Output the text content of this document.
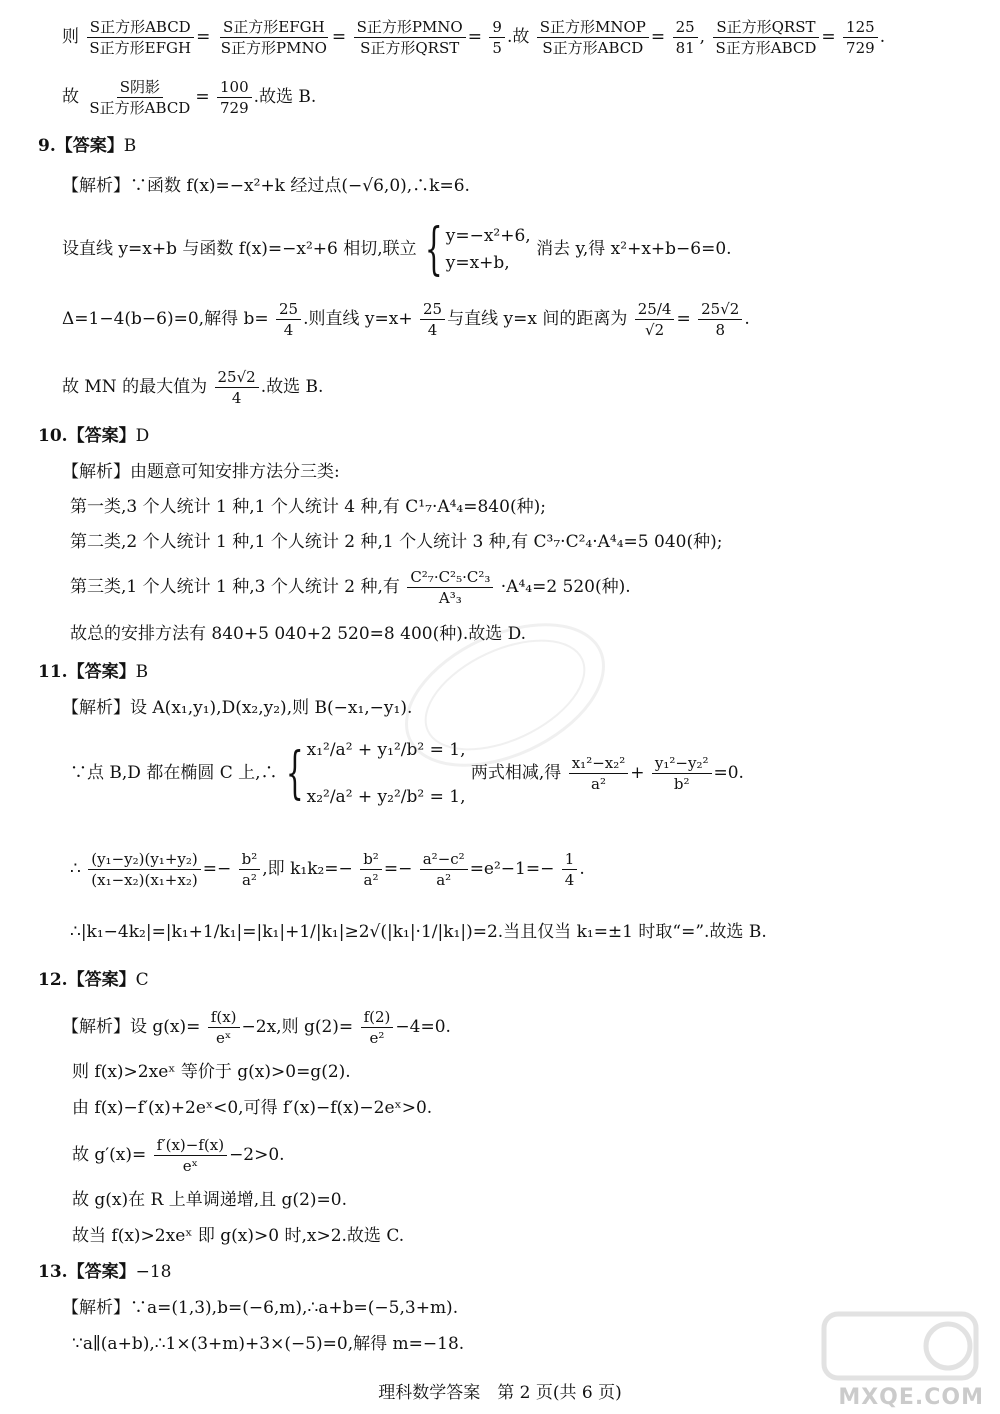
则 $\frac{\text{S正方形ABCD}}{\text{S正方形EFGH}} = \frac{\text{S正方形EFGH}}{\text{S正方形PMNO}} = \frac{\text{S正方形PMNO}}{\text{S正方形QRST}} = \frac{9}{5}$ .故 $\frac{\text{S正方形MNOP}}{\text{S正方形ABCD}} = \frac{25}{81}$ , $\frac{\text{S正方形QRST}}{\text{S正方形ABCD}} = \frac{125}{729}$ .
故 $\frac{\text{S阴影}}{\text{S正方形ABCD}} = \frac{100}{729}$ .故选 B.
9.【答案】B
【解析】∵函数 f(x)=−x²+k 经过点(−√6,0),∴k=6.
设直线 y=x+b 与函数 f(x)=−x²+6 相切,联立 { y=−x²+6,
y=x+b,
消去 y,得 x²+x+b−6=0.
Δ=1−4(b−6)=0,解得 $b= \frac{25}{4}$ .则直线 $y=x+ \frac{25}{4}$ 与直线 y=x 间的距离为 $\frac{25/4}{√2} = \frac{25√2}{8}$ .
故 MN 的最大值为 $\frac{25√2}{4}$ .故选 B.
10.【答案】D
【解析】由题意可知安排方法分三类:
第一类,3 个人统计 1 种,1 个人统计 4 种,有 C¹₇·A⁴₄=840(种);
第二类,2 个人统计 1 种,1 个人统计 2 种,1 个人统计 3 种,有 C³₇·C²₄·A⁴₄=5 040(种);
第三类,1 个人统计 1 种,3 个人统计 2 种,有 $\frac{\text{C²₇·C²₅·C²₃}}{\text{A³₃}} \cdot A^4_4=2$ 520(种).
故总的安排方法有 840+5 040+2 520=8 400(种).故选 D.
11.【答案】B
【解析】设 A(x₁,y₁),D(x₂,y₂),则 B(−x₁,−y₁).
∵点 B,D 都在椭圆 C 上,∴ { x₁²/a² + y₁²/b² = 1,
x₂²/a² + y₂²/b² = 1,
两式相减,得 $\frac{\text{x₁²−x₂²}}{\text{a²}} + \frac{\text{y₁²−y₂²}}{\text{b²}} =0$.
∴ $\frac{\text{(y₁−y₂)(y₁+y₂)}}{\text{(x₁−x₂)(x₁+x₂)}} =- \frac{\text{b²}}{\text{a²}}$ ,即 $k_1k_2=- \frac{\text{b²}}{\text{a²}} =- \frac{\text{a²−c²}}{\text{a²}} =e^2-1=- \frac{1}{4}$ .
∴|k₁−4k₂|=|k₁+1/k₁|=|k₁|+1/|k₁|≥2√(|k₁|·1/|k₁|)=2.当且仅当 k₁=±1 时取“=”.故选 B.
12.【答案】C
【解析】设 $g(x)= \frac{f(x)}{\text{eˣ}} -2x$,则 $g(2)= \frac{f(2)}{\text{e²}} -4=0$.
则 f(x)>2xeˣ 等价于 g(x)>0=g(2).
由 f(x)−f′(x)+2eˣ<0,可得 f′(x)−f(x)−2eˣ>0.
故 $g'(x)= \frac{f'(x)-f(x)}{\text{eˣ}} -2>0$.
故 g(x)在 R 上单调递增,且 g(2)=0.
故当 f(x)>2xeˣ 即 g(x)>0 时,x>2.故选 C.
13.【答案】−18
【解析】∵a=(1,3),b=(−6,m),∴a+b=(−5,3+m).
∵a∥(a+b),∴1×(3+m)+3×(−5)=0,解得 m=−18.
理科数学答案　第 2 页(共 6 页)	MXQE.COM
